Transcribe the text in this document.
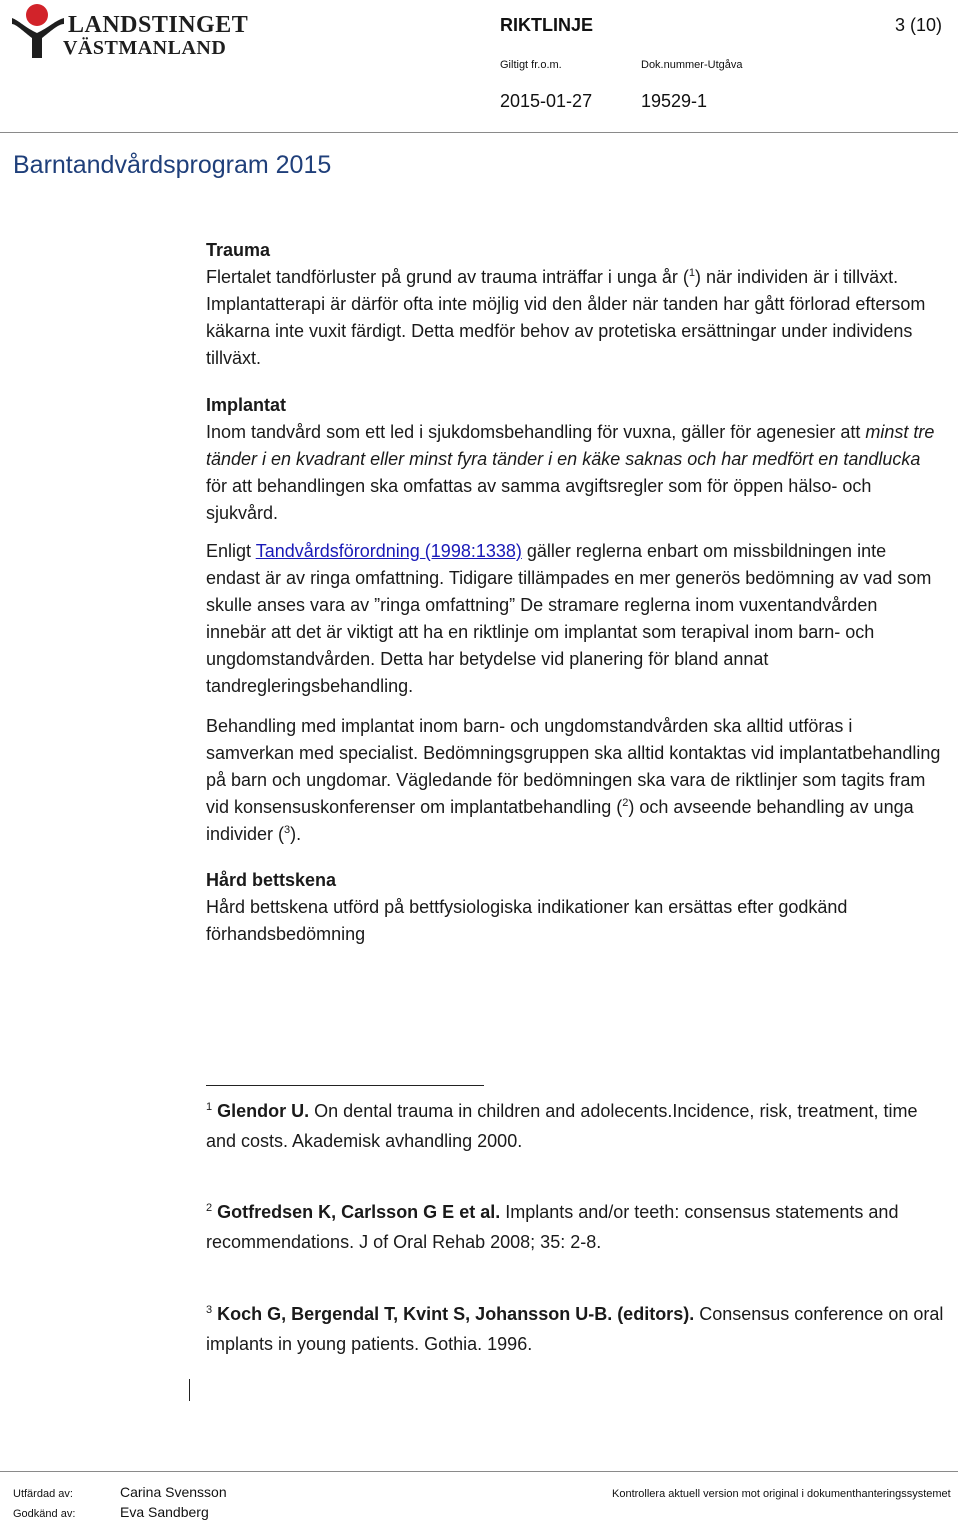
LANDSTINGET
VÄSTMANLAND
RIKTLINJE	3 (10)
Giltigt fr.o.m.	Dok.nummer-Utgåva
2015-01-27	19529-1
Barntandvårdsprogram 2015
Trauma

Flertalet tandförluster på grund av trauma inträffar i unga år ($^1$) när individen är i tillväxt. Implantatterapi är därför ofta inte möjlig vid den ålder när tanden har gått förlorad eftersom käkarna inte vuxit färdigt. Detta medför behov av protetiska ersättningar under individens tillväxt.

Implantat

Inom tandvård som ett led i sjukdomsbehandling för vuxna, gäller för agenesier att minst tre tänder i en kvadrant eller minst fyra tänder i en käke saknas och har medfört en tandlucka för att behandlingen ska omfattas av samma avgiftsregler som för öppen hälso- och sjukvård.

Enligt Tandvårdsförordning (1998:1338) gäller reglerna enbart om missbildningen inte endast är av ringa omfattning. Tidigare tillämpades en mer generös bedömning av vad som skulle anses vara av ”ringa omfattning” De stramare reglerna inom vuxentandvården innebär att det är viktigt att ha en riktlinje om implantat som terapival inom barn- och ungdomstandvården. Detta har betydelse vid planering för bland annat tandregleringsbehandling.

Behandling med implantat inom barn- och ungdomstandvården ska alltid utföras i samverkan med specialist. Bedömningsgruppen ska alltid kontaktas vid implantatbehandling på barn och ungdomar. Vägledande för bedömningen ska vara de riktlinjer som tagits fram vid konsensuskonferenser om implantatbehandling ($^2$) och avseende behandling av unga individer ($^3$).

Hård bettskena

Hård bettskena utförd på bettfysiologiska indikationer kan ersättas efter godkänd förhandsbedömning

$^1$ Glendor U. On dental trauma in children and adolecents.Incidence, risk, treatment, time and costs. Akademisk avhandling 2000.
$^2$ Gotfredsen K, Carlsson G E et al. Implants and/or teeth: consensus statements and recommendations. J of Oral Rehab 2008; 35: 2-8.
$^3$ Koch G, Bergendal T, Kvint S, Johansson U-B. (editors). Consensus conference on oral implants in young patients. Gothia. 1996.
Utfärdad av:	Carina Svensson
Godkänd av:	Eva Sandberg
Kontrollera aktuell version mot original i dokumenthanteringssystemet
